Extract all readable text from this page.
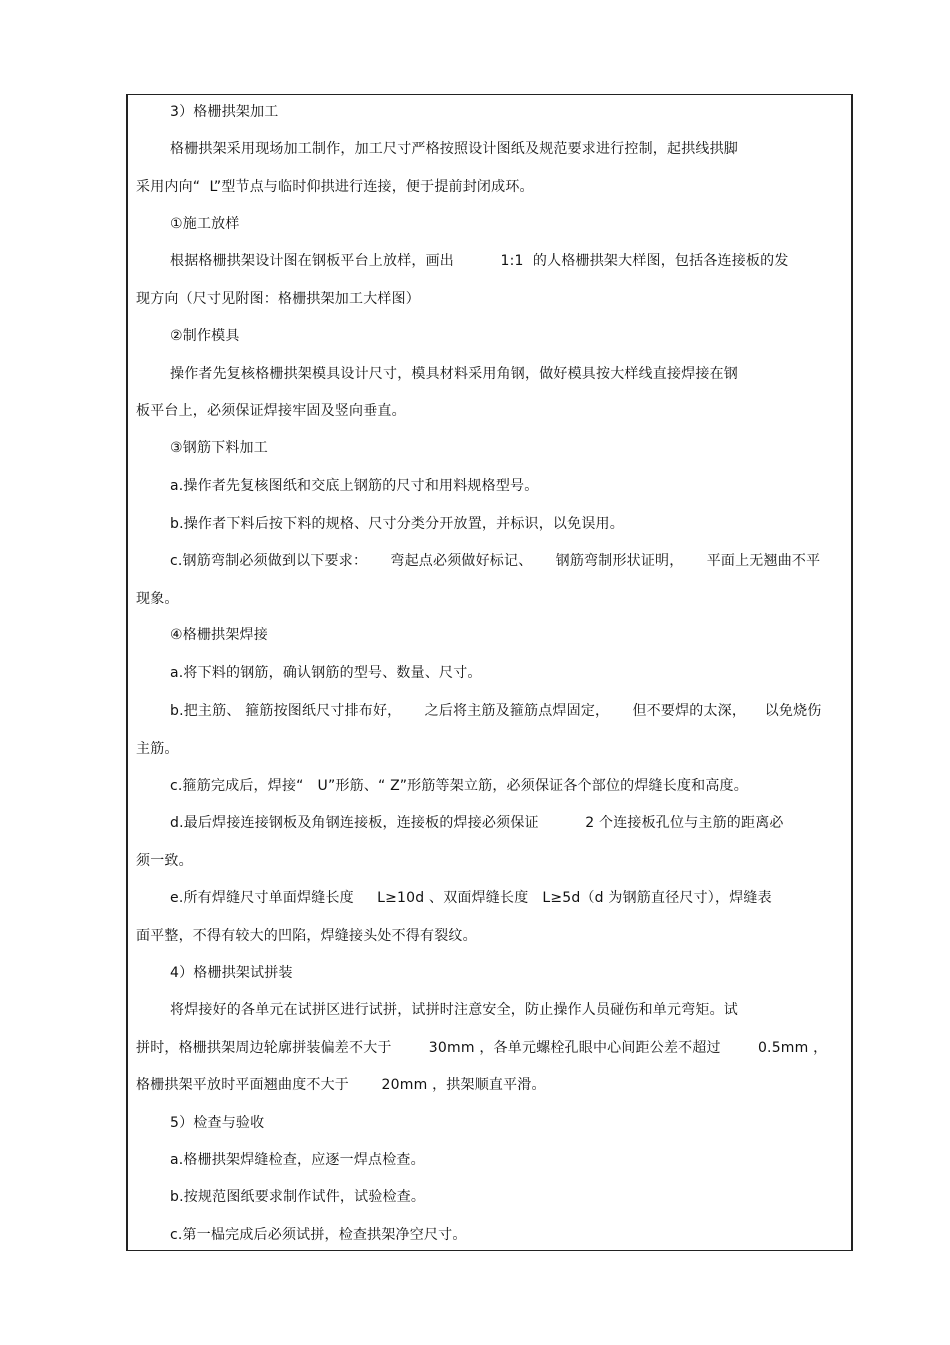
3）格栅拱架加工
格栅拱架采用现场加工制作，加工尺寸严格按照设计图纸及规范要求进行控制，起拱线拱脚
采用内向“  L”型节点与临时仰拱进行连接，便于提前封闭成环。
①施工放样
根据格栅拱架设计图在钢板平台上放样，画出          1:1  的人格栅拱架大样图，包括各连接板的发
现方向（尺寸见附图：格栅拱架加工大样图）
②制作模具
操作者先复核格栅拱架模具设计尺寸，模具材料采用角钢，做好模具按大样线直接焊接在钢
板平台上，必须保证焊接牢固及竖向垂直。
③钢筋下料加工
a.操作者先复核图纸和交底上钢筋的尺寸和用料规格型号。
b.操作者下料后按下料的规格、尺寸分类分开放置，并标识，以免误用。
c.钢筋弯制必须做到以下要求：     弯起点必须做好标记、     钢筋弯制形状证明，     平面上无翘曲不平
现象。
④格栅拱架焊接
a.将下料的钢筋，确认钢筋的型号、数量、尺寸。
b.把主筋、 箍筋按图纸尺寸排布好，     之后将主筋及箍筋点焊固定，     但不要焊的太深，    以免烧伤
主筋。
c.箍筋完成后，焊接“   U”形筋、“ Z”形筋等架立筋，必须保证各个部位的焊缝长度和高度。
d.最后焊接连接钢板及角钢连接板，连接板的焊接必须保证          2 个连接板孔位与主筋的距离必
须一致。
e.所有焊缝尺寸单面焊缝长度     L≥10d 、双面焊缝长度   L≥5d（d 为钢筋直径尺寸），焊缝表
面平整，不得有较大的凹陷，焊缝接头处不得有裂纹。
4）格栅拱架试拼装
将焊接好的各单元在试拼区进行试拼，试拼时注意安全，防止操作人员碰伤和单元弯矩。试
拼时，格栅拱架周边轮廓拼装偏差不大于        30mm ，各单元螺栓孔眼中心间距公差不超过        0.5mm ，
格栅拱架平放时平面翘曲度不大于       20mm ，拱架顺直平滑。
5）检查与验收
a.格栅拱架焊缝检查，应逐一焊点检查。
b.按规范图纸要求制作试件，试验检查。
c.第一榀完成后必须试拼，检查拱架净空尺寸。
